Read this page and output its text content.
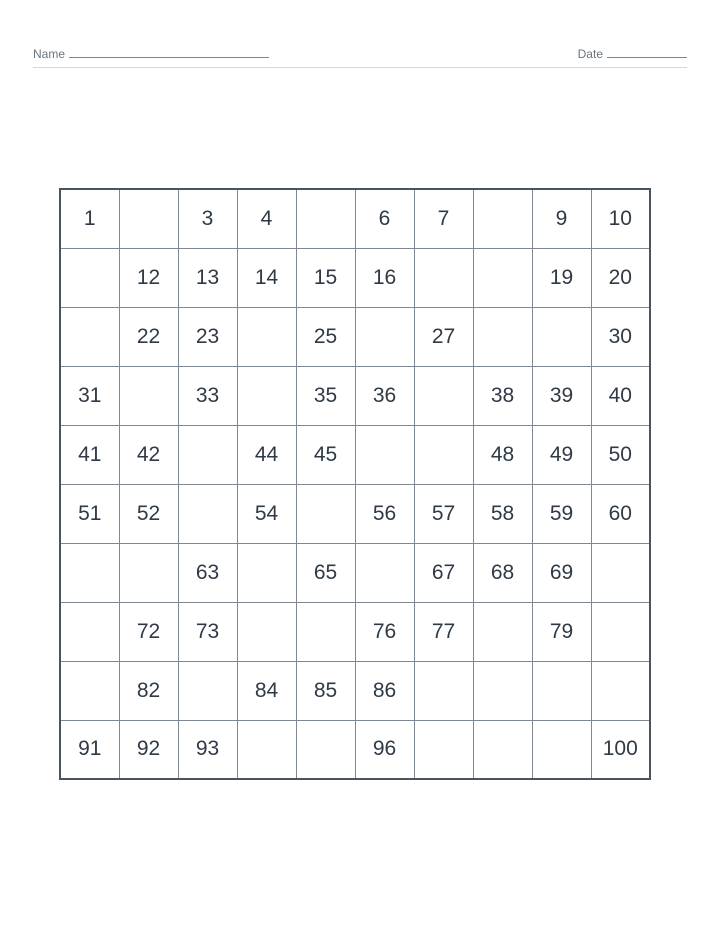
Name	Date
1		3	4		6	7		9	10
	12	13	14	15	16			19	20
	22	23		25		27			30
31		33		35	36		38	39	40
41	42		44	45			48	49	50
51	52		54		56	57	58	59	60
		63		65		67	68	69	
	72	73			76	77		79	
	82		84	85	86				
91	92	93			96				100
